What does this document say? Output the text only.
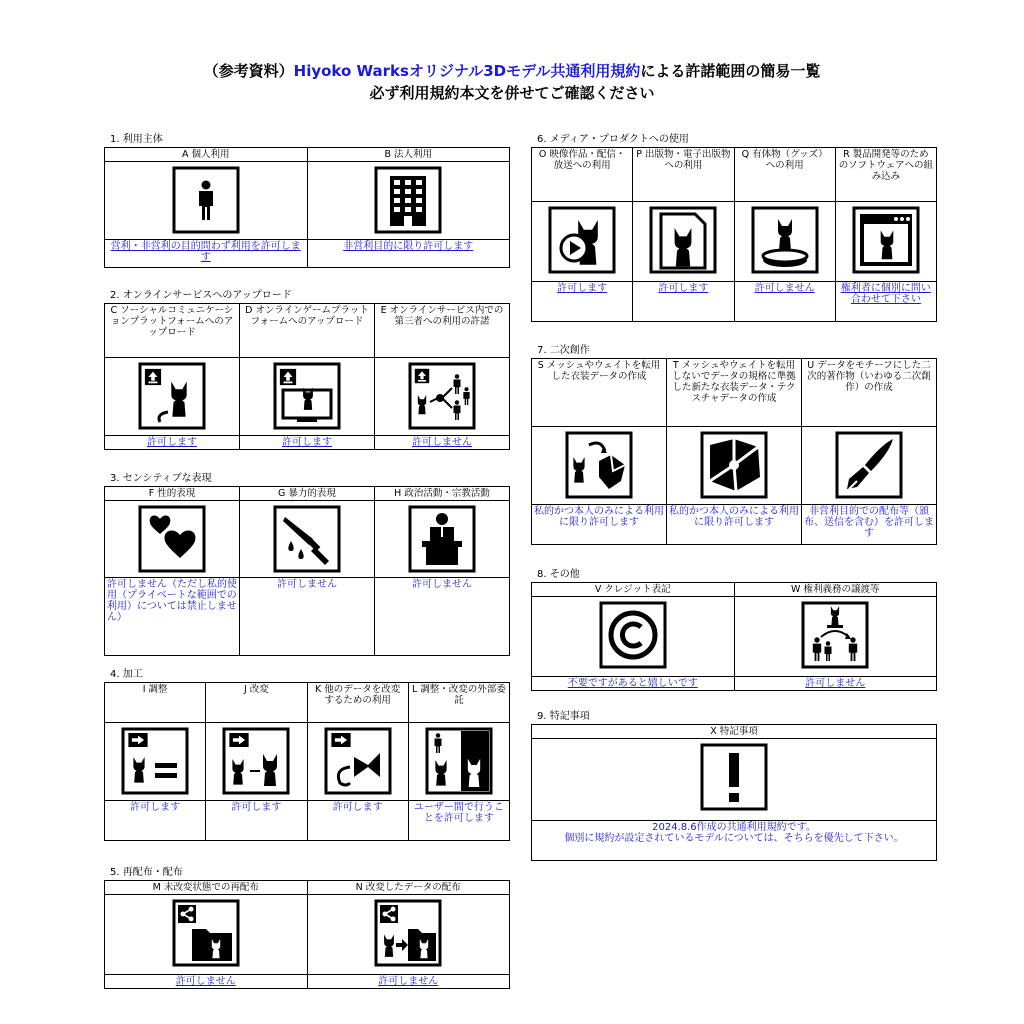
（参考資料）Hiyoko Warksオリジナル3Dモデル共通利用規約による許諾範囲の簡易一覧
必ず利用規約本文を併せてご確認ください
1. 利用主体
A 個人利用	B 法人利用

営利・非営利の目的問わず利用を許可します	非営利目的に限り許可します
2. オンラインサービスへのアップロード
C ソーシャルコミュニケーションプラットフォームへのアップロード	D オンラインゲームプラットフォームへのアップロード	E オンラインサービス内での第三者への利用の許諾

許可します	許可します	許可しません
3. センシティブな表現
F 性的表現	G 暴力的表現	H 政治活動・宗教活動

許可しません（ただし私的使用（プライベートな範囲での利用）については禁止しません）	許可しません	許可しません
4. 加工
I 調整	J 改変	K 他のデータを改変するための利用	L 調整・改変の外部委託

許可します	許可します	許可します	ユーザー間で行うことを許可します
5. 再配布・配布
M 未改変状態での再配布	N 改変したデータの配布

許可しません	許可しません
6. メディア・プロダクトへの使用
O 映像作品・配信・放送への利用	P 出版物・電子出版物への利用	Q 有体物（グッズ）への利用	R 製品開発等のためのソフトウェアへの組み込み

許可します	許可します	許可しません	権利者に個別に問い合わせて下さい
7. 二次創作
S メッシュやウェイトを転用した衣装データの作成	T メッシュやウェイトを転用しないでデータの規格に準拠した新たな衣装データ・テクスチャデータの作成	U データをモチーフにした二次的著作物（いわゆる二次創作）の作成

私的かつ本人のみによる利用に限り許可します	私的かつ本人のみによる利用に限り許可します	非営利目的での配布等（頒布、送信を含む）を許可します
8. その他
V クレジット表記	W 権利義務の譲渡等

不要ですがあると嬉しいです	許可しません
9. 特記事項
X 特記事項

2024.8.6作成の共通利用規約です。
個別に規約が設定されているモデルについては、そちらを優先して下さい。
